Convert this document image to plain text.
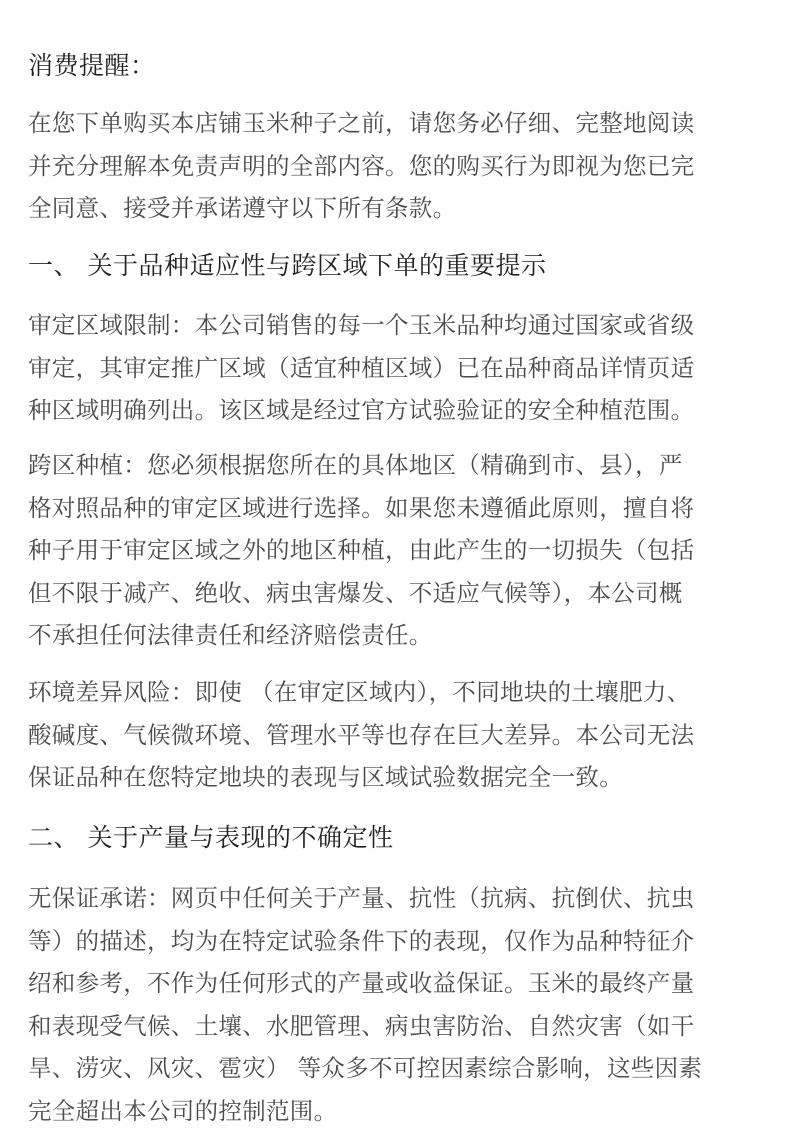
消费提醒：
在您下单购买本店铺玉米种子之前，请您务必仔细、完整地阅读
并充分理解本免责声明的全部内容。您的购买行为即视为您已完
全同意、接受并承诺遵守以下所有条款。
一、 关于品种适应性与跨区域下单的重要提示
审定区域限制：本公司销售的每一个玉米品种均通过国家或省级
审定，其审定推广区域（适宜种植区域）已在品种商品详情页适
种区域明确列出。该区域是经过官方试验验证的安全种植范围。
跨区种植：您必须根据您所在的具体地区（精确到市、县），严
格对照品种的审定区域进行选择。如果您未遵循此原则，擅自将
种子用于审定区域之外的地区种植，由此产生的一切损失（包括
但不限于减产、绝收、病虫害爆发、不适应气候等），本公司概
不承担任何法律责任和经济赔偿责任。
环境差异风险：即使 （在审定区域内），不同地块的土壤肥力、
酸碱度、气候微环境、管理水平等也存在巨大差异。本公司无法
保证品种在您特定地块的表现与区域试验数据完全一致。
二、 关于产量与表现的不确定性
无保证承诺：网页中任何关于产量、抗性（抗病、抗倒伏、抗虫
等）的描述，均为在特定试验条件下的表现，仅作为品种特征介
绍和参考，不作为任何形式的产量或收益保证。玉米的最终产量
和表现受气候、土壤、水肥管理、病虫害防治、自然灾害（如干
旱、涝灾、风灾、雹灾） 等众多不可控因素综合影响，这些因素
完全超出本公司的控制范围。
